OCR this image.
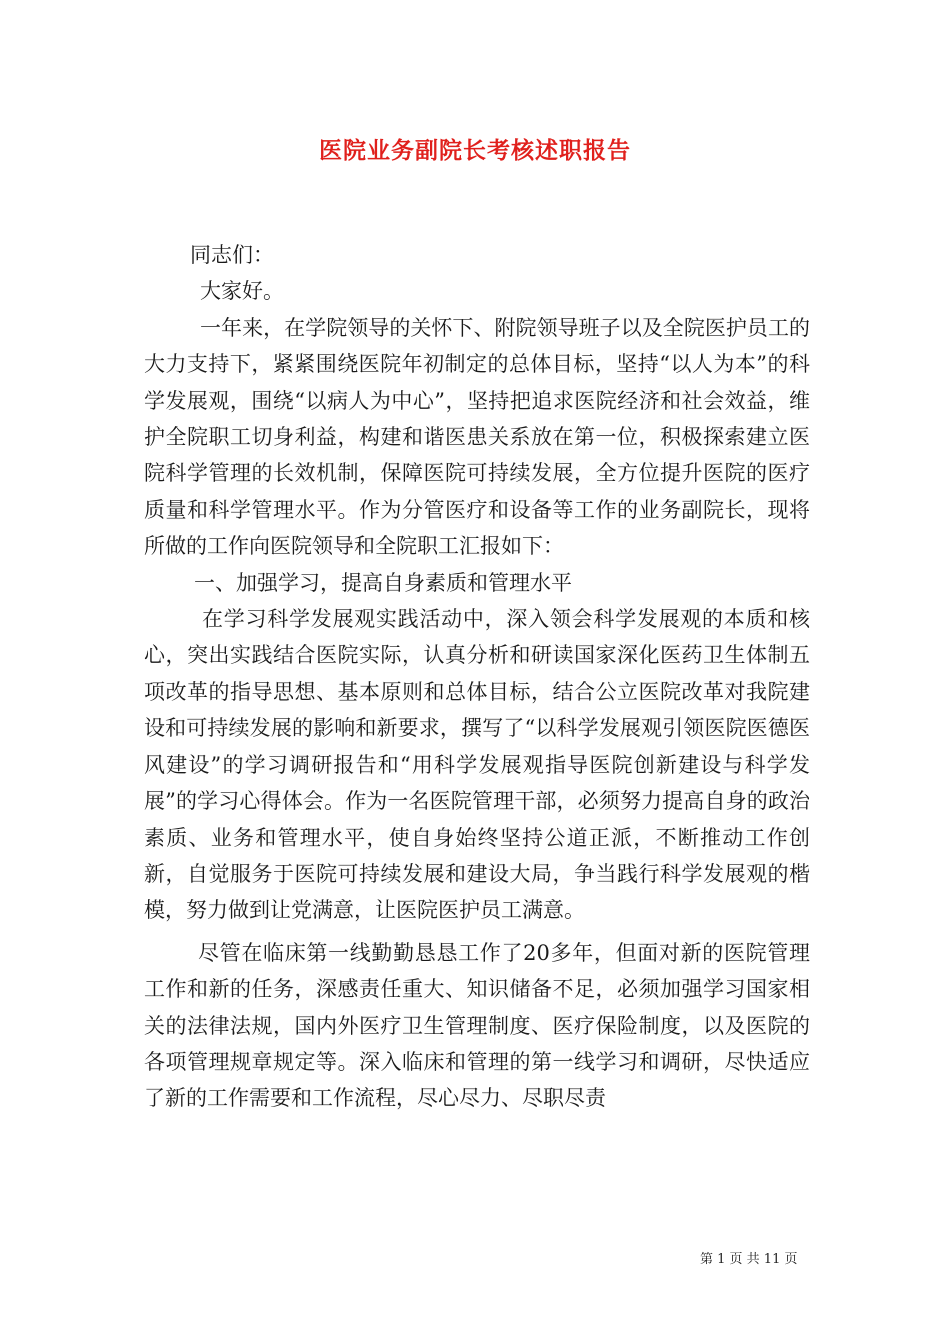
医院业务副院长考核述职报告

同志们：

大家好。

一年来，在学院领导的关怀下、附院领导班子以及全院医护员工的大力支持下，紧紧围绕医院年初制定的总体目标，坚持“以人为本”的科学发展观，围绕“以病人为中心”，坚持把追求医院经济和社会效益，维护全院职工切身利益，构建和谐医患关系放在第一位，积极探索建立医院科学管理的长效机制，保障医院可持续发展，全方位提升医院的医疗质量和科学管理水平。作为分管医疗和设备等工作的业务副院长，现将所做的工作向医院领导和全院职工汇报如下：

一、加强学习，提高自身素质和管理水平

在学习科学发展观实践活动中，深入领会科学发展观的本质和核心，突出实践结合医院实际，认真分析和研读国家深化医药卫生体制五项改革的指导思想、基本原则和总体目标，结合公立医院改革对我院建设和可持续发展的影响和新要求，撰写了“以科学发展观引领医院医德医风建设”的学习调研报告和“用科学发展观指导医院创新建设与科学发展”的学习心得体会。作为一名医院管理干部，必须努力提高自身的政治素质、业务和管理水平，使自身始终坚持公道正派，不断推动工作创新，自觉服务于医院可持续发展和建设大局，争当践行科学发展观的楷模，努力做到让党满意，让医院医护员工满意。

尽管在临床第一线勤勤恳恳工作了20多年，但面对新的医院管理工作和新的任务，深感责任重大、知识储备不足，必须加强学习国家相关的法律法规，国内外医疗卫生管理制度、医疗保险制度，以及医院的各项管理规章规定等。深入临床和管理的第一线学习和调研，尽快适应了新的工作需要和工作流程，尽心尽力、尽职尽责

第 1 页 共 11 页
